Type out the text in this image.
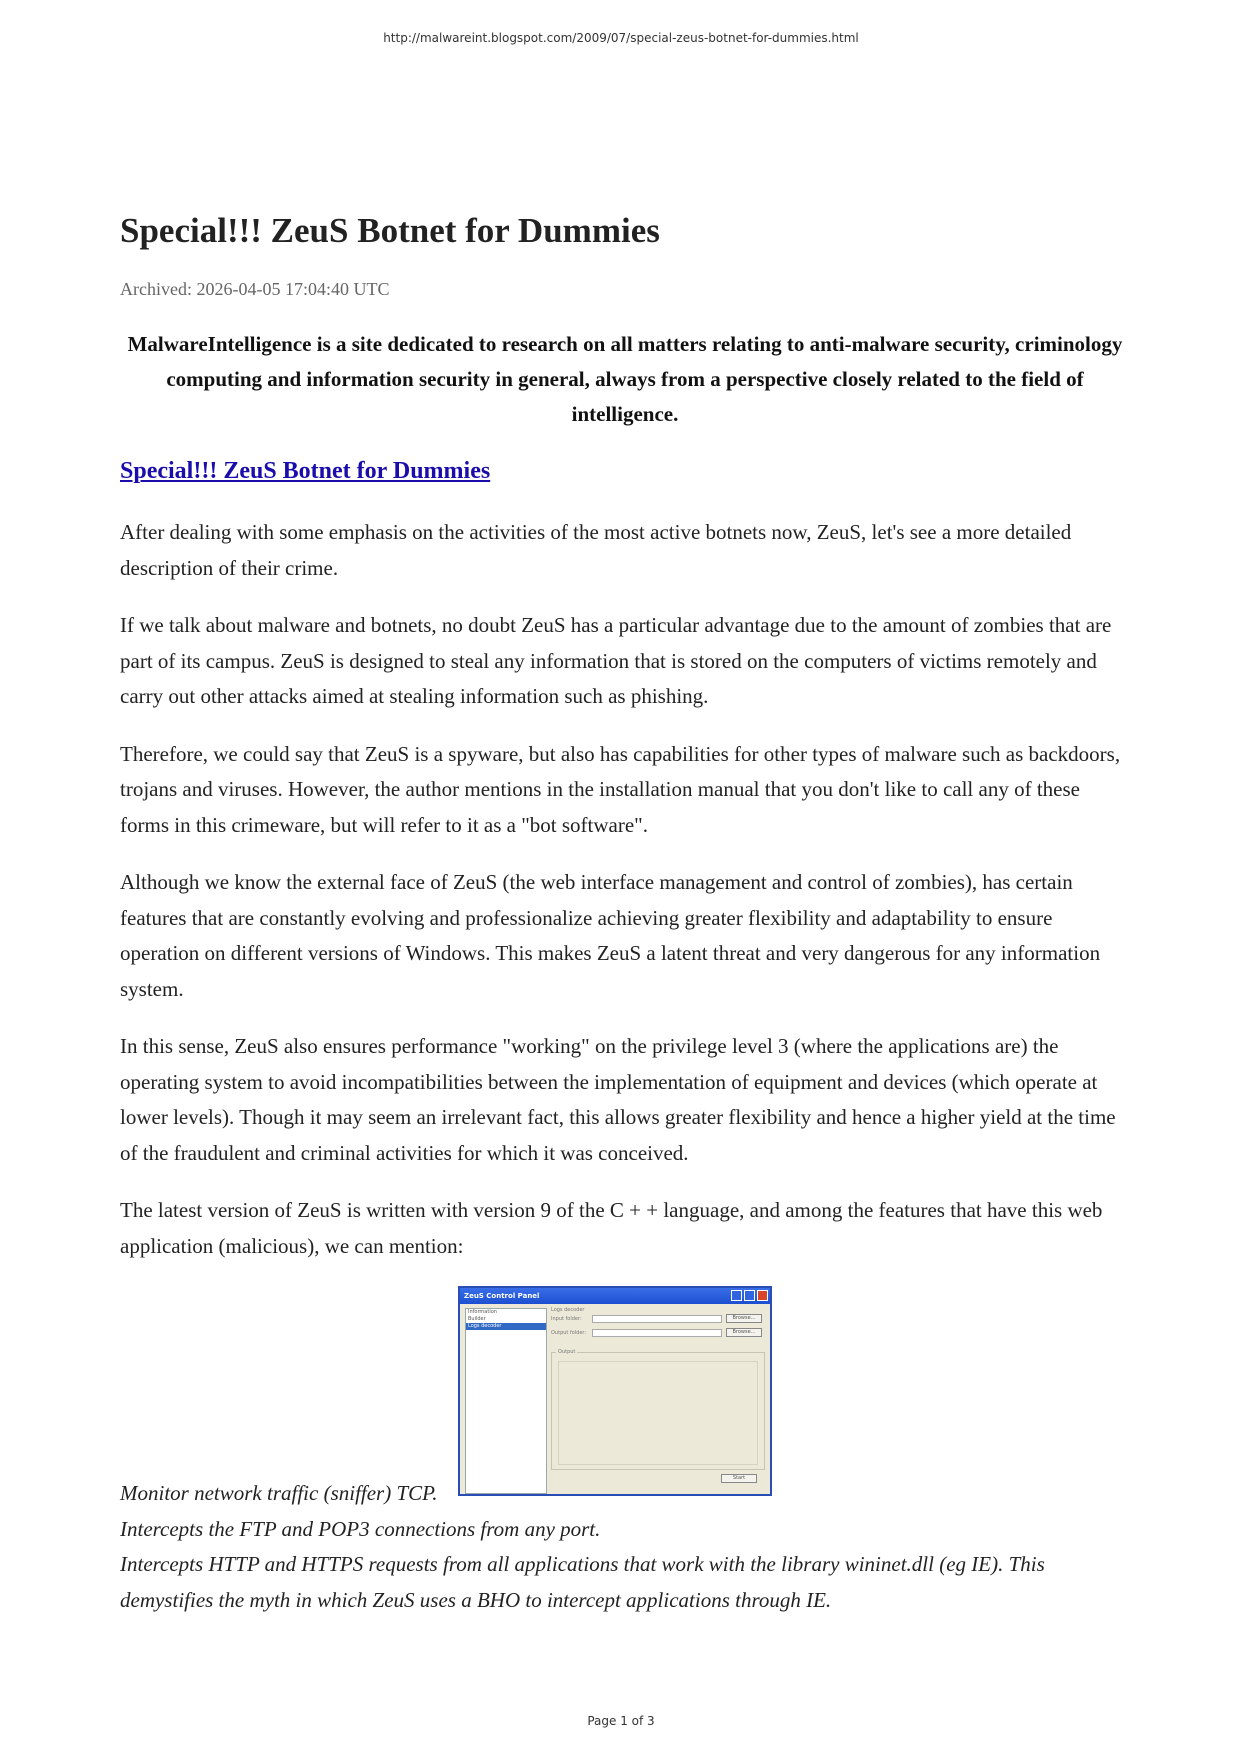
http://malwareint.blogspot.com/2009/07/special-zeus-botnet-for-dummies.html
Special!!! ZeuS Botnet for Dummies
Archived: 2026-04-05 17:04:40 UTC
MalwareIntelligence is a site dedicated to research on all matters relating to anti-malware security, criminology computing and information security in general, always from a perspective closely related to the field of intelligence.
Special!!! ZeuS Botnet for Dummies

After dealing with some emphasis on the activities of the most active botnets now, ZeuS, let's see a more detailed description of their crime.

If we talk about malware and botnets, no doubt ZeuS has a particular advantage due to the amount of zombies that are part of its campus. ZeuS is designed to steal any information that is stored on the computers of victims remotely and carry out other attacks aimed at stealing information such as phishing.

Therefore, we could say that ZeuS is a spyware, but also has capabilities for other types of malware such as backdoors, trojans and viruses. However, the author mentions in the installation manual that you don't like to call any of these forms in this crimeware, but will refer to it as a "bot software".

Although we know the external face of ZeuS (the web interface management and control of zombies), has certain features that are constantly evolving and professionalize achieving greater flexibility and adaptability to ensure operation on different versions of Windows. This makes ZeuS a latent threat and very dangerous for any information system.

In this sense, ZeuS also ensures performance "working" on the privilege level 3 (where the applications are) the operating system to avoid incompatibilities between the implementation of equipment and devices (which operate at lower levels). Though it may seem an irrelevant fact, this allows greater flexibility and hence a higher yield at the time of the fraudulent and criminal activities for which it was conceived.

The latest version of ZeuS is written with version 9 of the C + + language, and among the features that have this web application (malicious), we can mention:

ZeuS Control Panel
Information
Builder
Logs decoder
Logs decoder
Input folder:	Browse...
Output folder:	Browse...
Output
Start
Monitor network traffic (sniffer) TCP.
Intercepts the FTP and POP3 connections from any port.
Intercepts HTTP and HTTPS requests from all applications that work with the library wininet.dll (eg IE). This demystifies the myth in which ZeuS uses a BHO to intercept applications through IE.
Page 1 of 3
